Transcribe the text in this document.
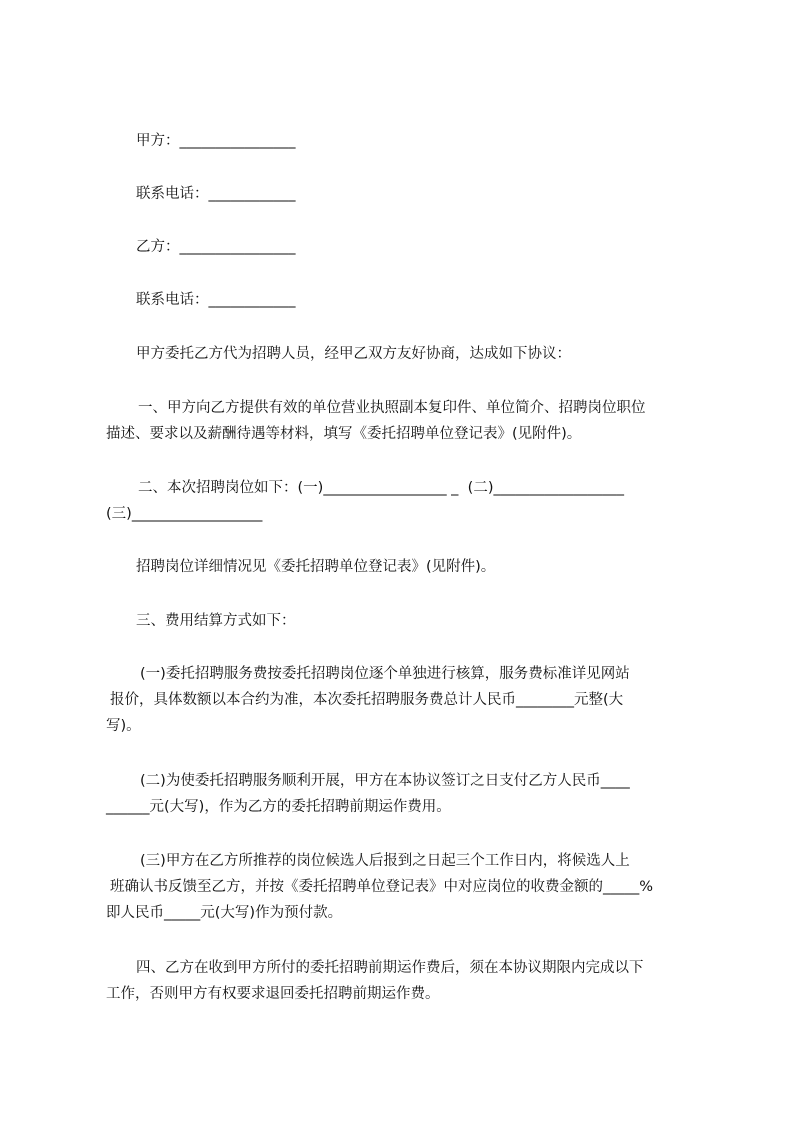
甲方：________________
联系电话：____________
乙方：________________
联系电话：____________
甲方委托乙方代为招聘人员，经甲乙双方友好协商，达成如下协议：
一、甲方向乙方提供有效的单位营业执照副本复印件、单位简介、招聘岗位职位
描述、要求以及薪酬待遇等材料，填写《委托招聘单位登记表》(见附件)。
二、本次招聘岗位如下：(一)_________________ _ (二)__________________
(三)__________________
招聘岗位详细情况见《委托招聘单位登记表》(见附件)。
三、费用结算方式如下：
(一)委托招聘服务费按委托招聘岗位逐个单独进行核算，服务费标准详见网站
报价，具体数额以本合约为准，本次委托招聘服务费总计人民币________元整(大
写)。
(二)为使委托招聘服务顺利开展，甲方在本协议签订之日支付乙方人民币____
______元(大写)，作为乙方的委托招聘前期运作费用。
(三)甲方在乙方所推荐的岗位候选人后报到之日起三个工作日内，将候选人上
班确认书反馈至乙方，并按《委托招聘单位登记表》中对应岗位的收费金额的_____%
即人民币_____元(大写)作为预付款。
四、乙方在收到甲方所付的委托招聘前期运作费后，须在本协议期限内完成以下
工作，否则甲方有权要求退回委托招聘前期运作费。
